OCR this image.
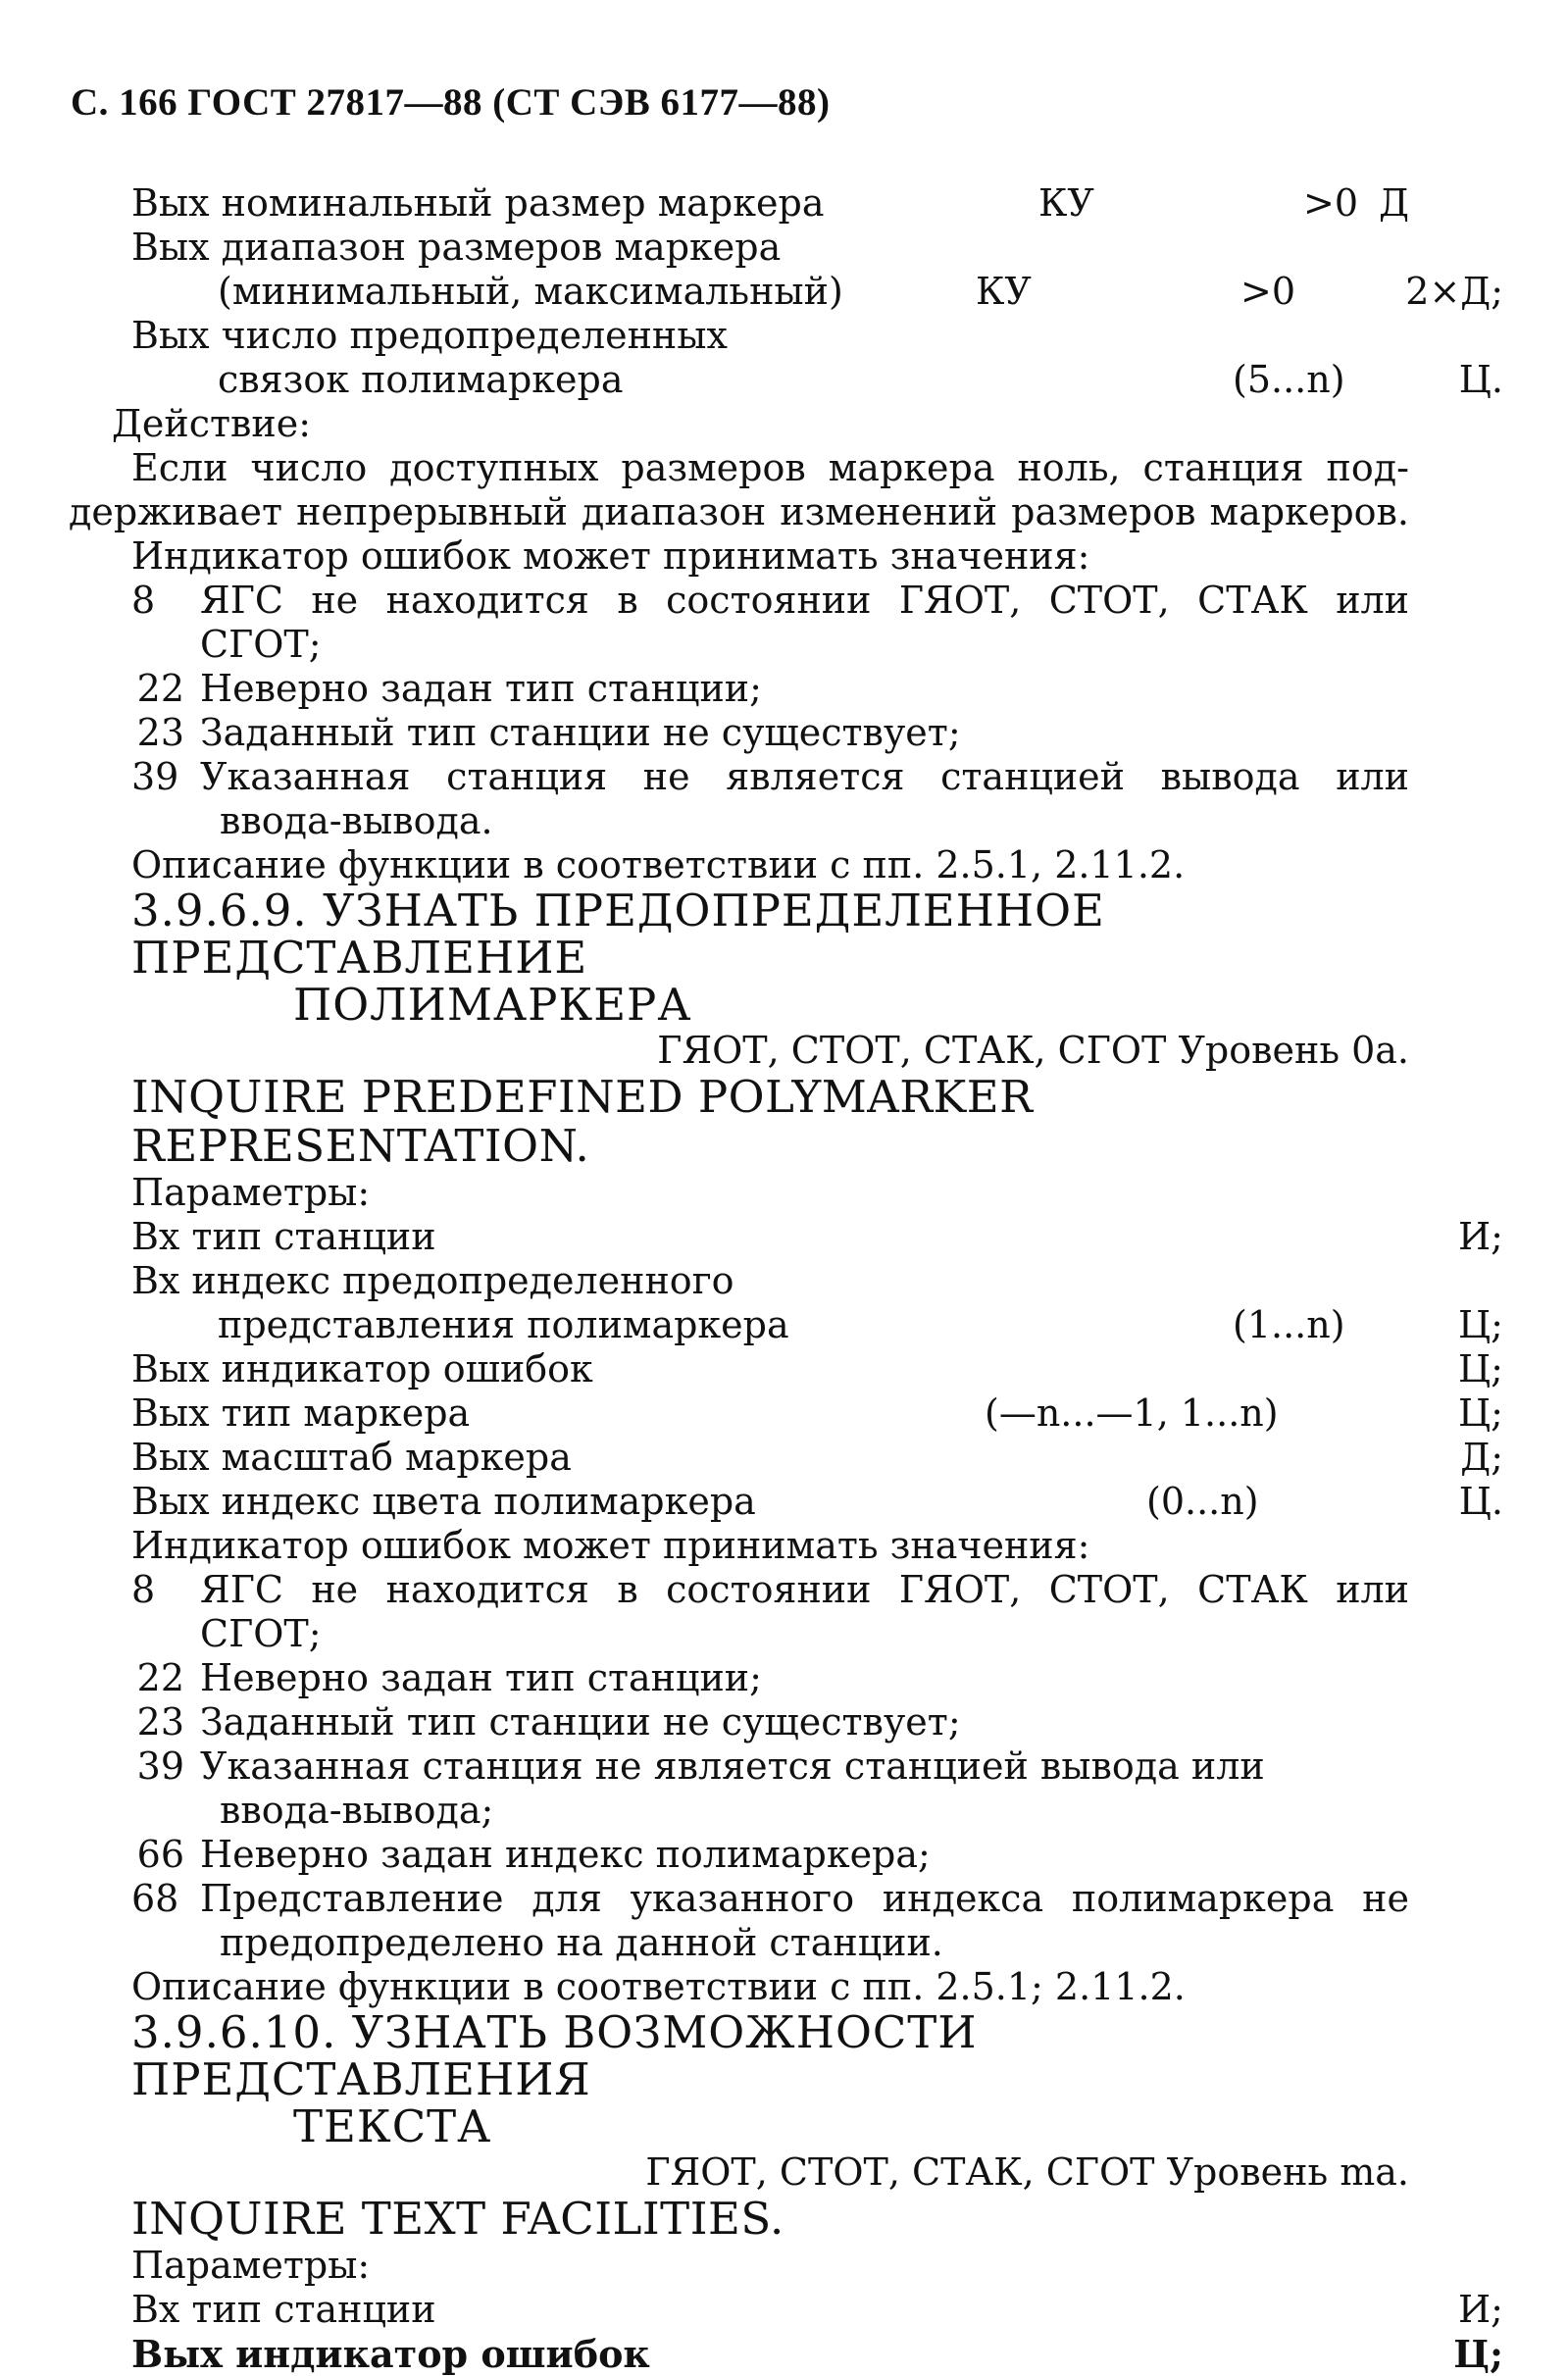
С. 166 ГОСТ 27817—88 (СТ СЭВ 6177—88)
Вых номинальный размер маркера	КУ	>0 Д
Вых диапазон размеров маркера
(минимальный, максимальный)	КУ	>0	2×Д;
Вых число предопределенных
связок полимаркера	(5...n)	Ц.
Действие:
Если число доступных размеров маркера ноль, станция под-
держивает непрерывный диапазон изменений размеров маркеров.
Индикатор ошибок может принимать значения:
8	ЯГС не находится в состоянии ГЯОТ, СТОТ, СТАК или
СГОТ;
22 Неверно задан тип станции;
23 Заданный тип станции не существует;
39 Указанная станция не является станцией вывода или
ввода-вывода.
Описание функции в соответствии с пп. 2.5.1, 2.11.2.
3.9.6.9. УЗНАТЬ ПРЕДОПРЕДЕЛЕННОЕ ПРЕДСТАВЛЕНИЕ
ПОЛИМАРКЕРА
ГЯОТ, СТОТ, СТАК, СГОТ Уровень 0а.
INQUIRE PREDEFINED POLYMARKER REPRESENTATION.
Параметры:
Вх тип станции	И;
Вх индекс предопределенного
представления полимаркера	(1...n)	Ц;
Вых индикатор ошибок	Ц;
Вых тип маркера	(—n...—1, 1...n)	Ц;
Вых масштаб маркера	Д;
Вых индекс цвета полимаркера	(0...n)	Ц.
Индикатор ошибок может принимать значения:
8	ЯГС не находится в состоянии ГЯОТ, СТОТ, СТАК или
СГОТ;
22 Неверно задан тип станции;
23 Заданный тип станции не существует;
39 Указанная станция не является станцией вывода или
ввода-вывода;
66 Неверно задан индекс полимаркера;
68 Представление для указанного индекса полимаркера не
предопределено на данной станции.
Описание функции в соответствии с пп. 2.5.1; 2.11.2.
3.9.6.10. УЗНАТЬ ВОЗМОЖНОСТИ ПРЕДСТАВЛЕНИЯ
ТЕКСТА
ГЯОТ, СТОТ, СТАК, СГОТ Уровень mа.
INQUIRE TEXT FACILITIES.
Параметры:
Вх тип станции	И;
Вых индикатор ошибок	Ц;
